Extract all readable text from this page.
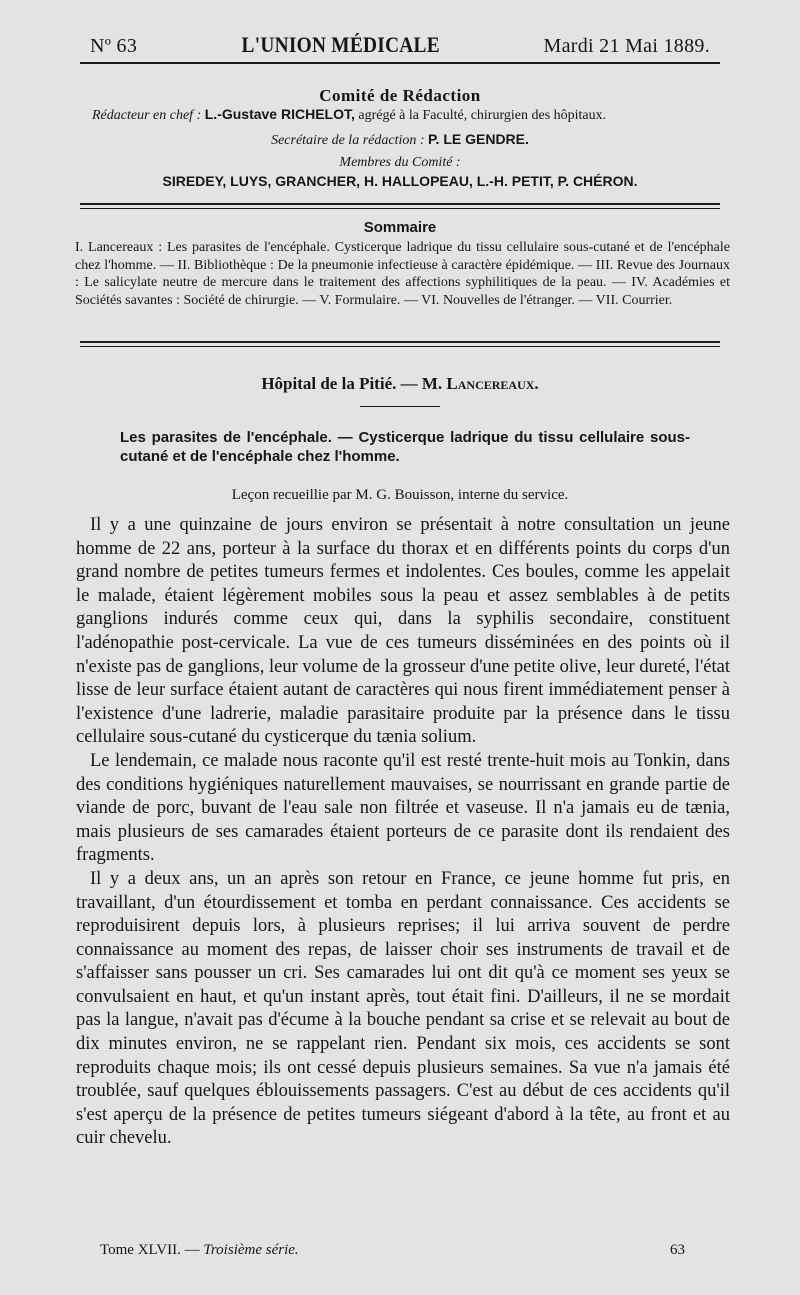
Nº 63	L'UNION MÉDICALE	Mardi 21 Mai 1889.
Comité de Rédaction
Rédacteur en chef : L.-Gustave RICHELOT, agrégé à la Faculté, chirurgien des hôpitaux.
Secrétaire de la rédaction : P. LE GENDRE.
Membres du Comité :
SIREDEY, LUYS, GRANCHER, H. HALLOPEAU, L.-H. PETIT, P. CHÉRON.
Sommaire
I. Lancereaux : Les parasites de l'encéphale. Cysticerque ladrique du tissu cellulaire sous-cutané et de l'encéphale chez l'homme. — II. Bibliothèque : De la pneumonie infectieuse à caractère épidémique. — III. Revue des Journaux : Le salicylate neutre de mercure dans le traitement des affections syphilitiques de la peau. — IV. Académies et Sociétés savantes : Société de chirurgie. — V. Formulaire. — VI. Nouvelles de l'étranger. — VII. Courrier.
Hôpital de la Pitié. — M. Lancereaux.
Les parasites de l'encéphale. — Cysticerque ladrique du tissu cellulaire sous-cutané et de l'encéphale chez l'homme.
Leçon recueillie par M. G. Bouisson, interne du service.

Il y a une quinzaine de jours environ se présentait à notre consultation un jeune homme de 22 ans, porteur à la surface du thorax et en différents points du corps d'un grand nombre de petites tumeurs fermes et indolentes. Ces boules, comme les appelait le malade, étaient légèrement mobiles sous la peau et assez semblables à de petits ganglions indurés comme ceux qui, dans la syphilis secondaire, constituent l'adénopathie post-cervicale. La vue de ces tumeurs disséminées en des points où il n'existe pas de ganglions, leur volume de la grosseur d'une petite olive, leur dureté, l'état lisse de leur surface étaient autant de caractères qui nous firent immédiatement penser à l'existence d'une ladrerie, maladie parasitaire produite par la présence dans le tissu cellulaire sous-cutané du cysticerque du tænia solium.

Le lendemain, ce malade nous raconte qu'il est resté trente-huit mois au Tonkin, dans des conditions hygiéniques naturellement mauvaises, se nourrissant en grande partie de viande de porc, buvant de l'eau sale non filtrée et vaseuse. Il n'a jamais eu de tænia, mais plusieurs de ses camarades étaient porteurs de ce parasite dont ils rendaient des fragments.

Il y a deux ans, un an après son retour en France, ce jeune homme fut pris, en travaillant, d'un étourdissement et tomba en perdant connaissance. Ces accidents se reproduisirent depuis lors, à plusieurs reprises; il lui arriva souvent de perdre connaissance au moment des repas, de laisser choir ses instruments de travail et de s'affaisser sans pousser un cri. Ses camarades lui ont dit qu'à ce moment ses yeux se convulsaient en haut, et qu'un instant après, tout était fini. D'ailleurs, il ne se mordait pas la langue, n'avait pas d'écume à la bouche pendant sa crise et se relevait au bout de dix minutes environ, ne se rappelant rien. Pendant six mois, ces accidents se sont reproduits chaque mois; ils ont cessé depuis plusieurs semaines. Sa vue n'a jamais été troublée, sauf quelques éblouissements passagers. C'est au début de ces accidents qu'il s'est aperçu de la présence de petites tumeurs siégeant d'abord à la tête, au front et au cuir chevelu.

Tome XLVII. — Troisième série.	63
